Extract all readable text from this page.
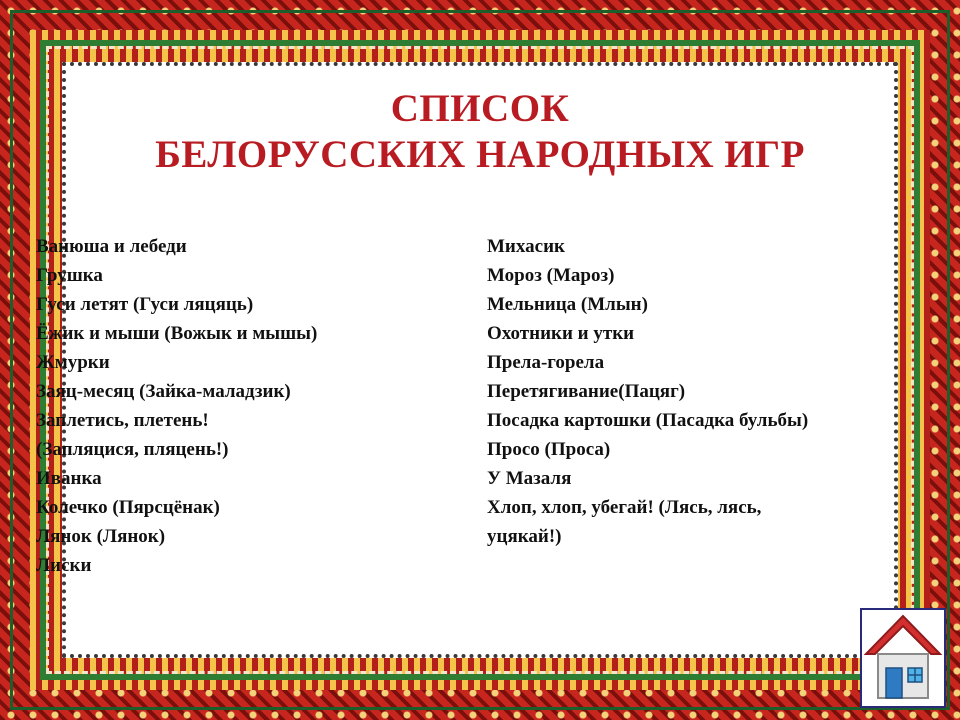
СПИСОК
БЕЛОРУССКИХ НАРОДНЫХ ИГР
Ванюша и лебеди
Грушка
Гуси летят (Гуси ляцяць)
Ёжик и мыши (Вожык и мышы)
Жмурки
Заяц-месяц (Зайка-маладзик)
Заплетись, плетень!
(Запляцися, пляцень!)
Иванка
Колечко (Пярсцёнак)
Лянок (Лянок)
Лиски
Михасик
Мороз (Мароз)
Мельница (Млын)
Охотники и утки
Прела-горела
Перетягивание(Пацяг)
Посадка картошки (Пасадка бульбы)
Просо (Проса)
У Мазаля
Хлоп, хлоп, убегай! (Лясь, лясь,
уцякай!)
